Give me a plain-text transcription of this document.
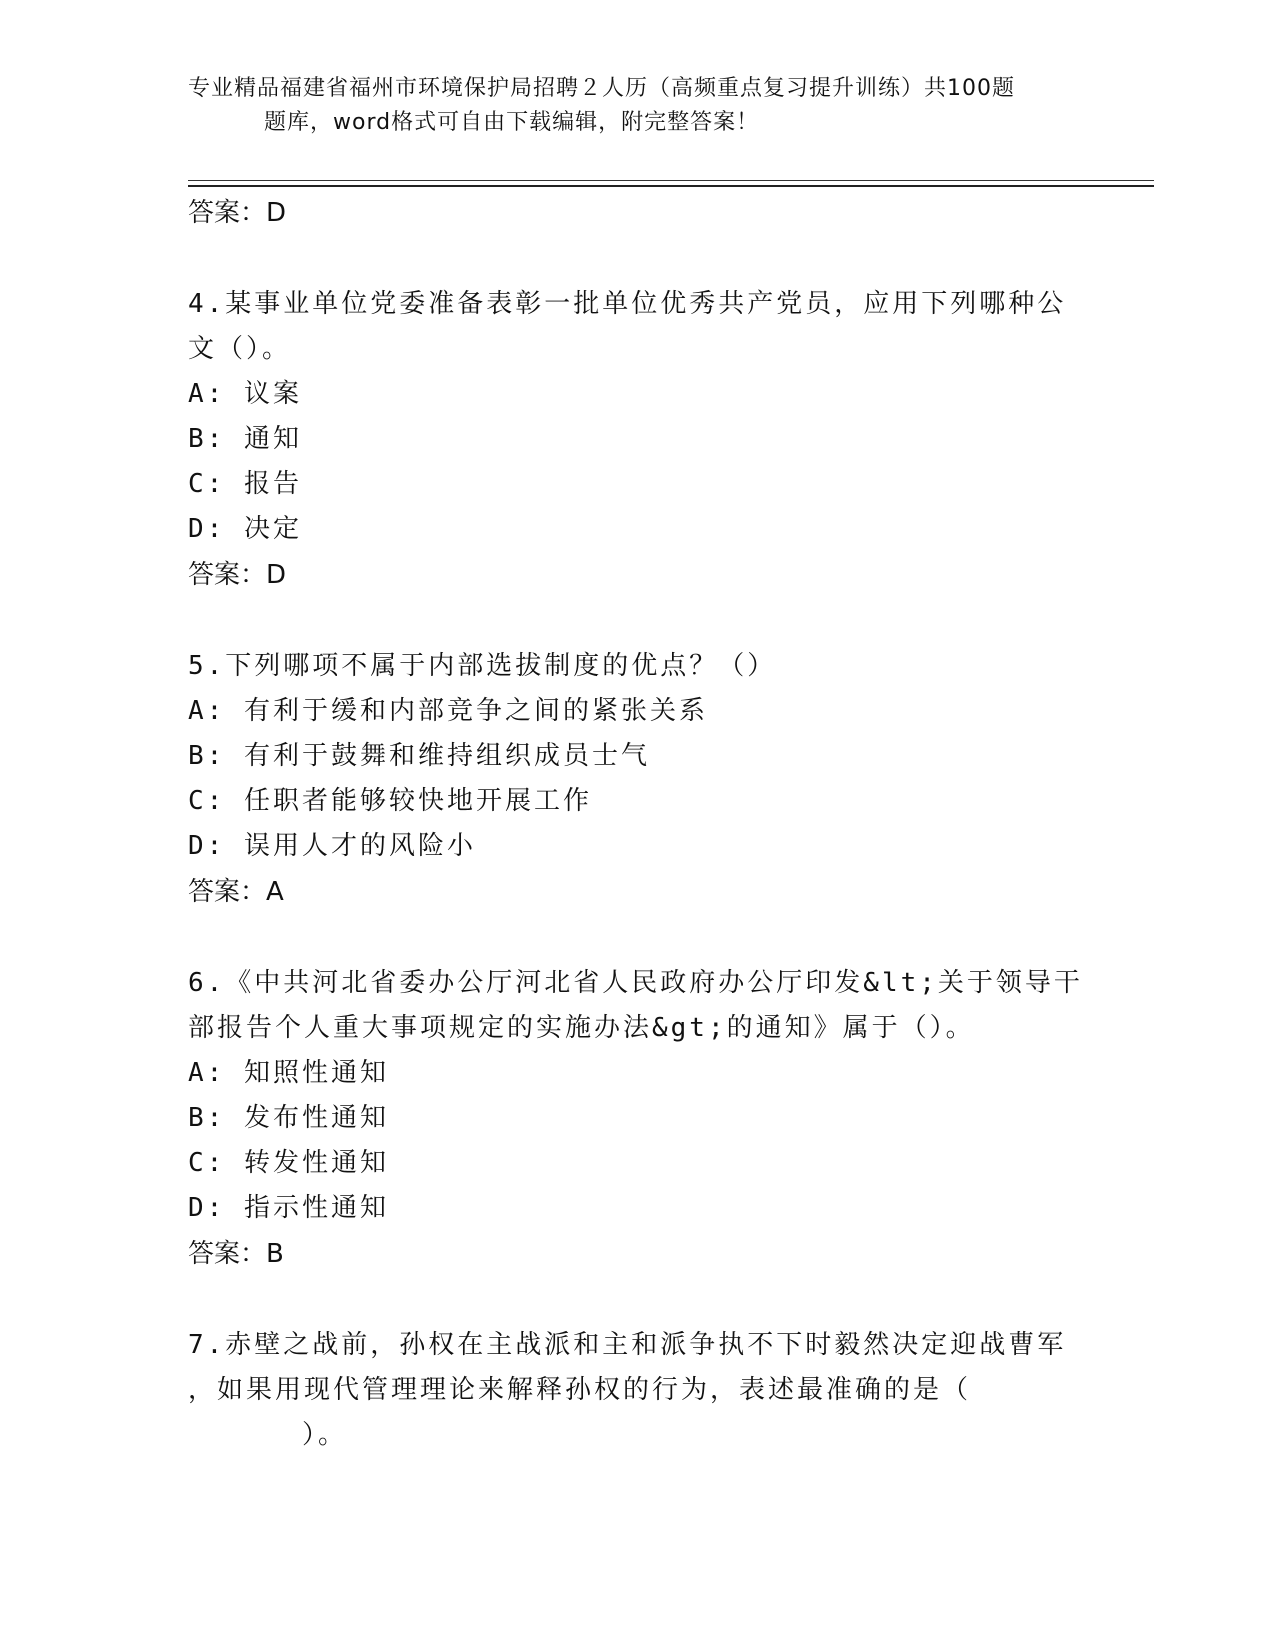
专业精品福建省福州市环境保护局招聘２人历（高频重点复习提升训练）共100题
题库，word格式可自由下载编辑，附完整答案！
答案：D
4.某事业单位党委准备表彰一批单位优秀共产党员，应用下列哪种公
文（）。
A: 议案
B: 通知
C: 报告
D: 决定
答案：D
5.下列哪项不属于内部选拔制度的优点？（）
A: 有利于缓和内部竞争之间的紧张关系
B: 有利于鼓舞和维持组织成员士气
C: 任职者能够较快地开展工作
D: 误用人才的风险小
答案：A
6.《中共河北省委办公厅河北省人民政府办公厅印发&lt;关于领导干
部报告个人重大事项规定的实施办法&gt;的通知》属于（）。
A: 知照性通知
B: 发布性通知
C: 转发性通知
D: 指示性通知
答案：B
7.赤壁之战前，孙权在主战派和主和派争执不下时毅然决定迎战曹军
，如果用现代管理理论来解释孙权的行为，表述最准确的是（
）。
